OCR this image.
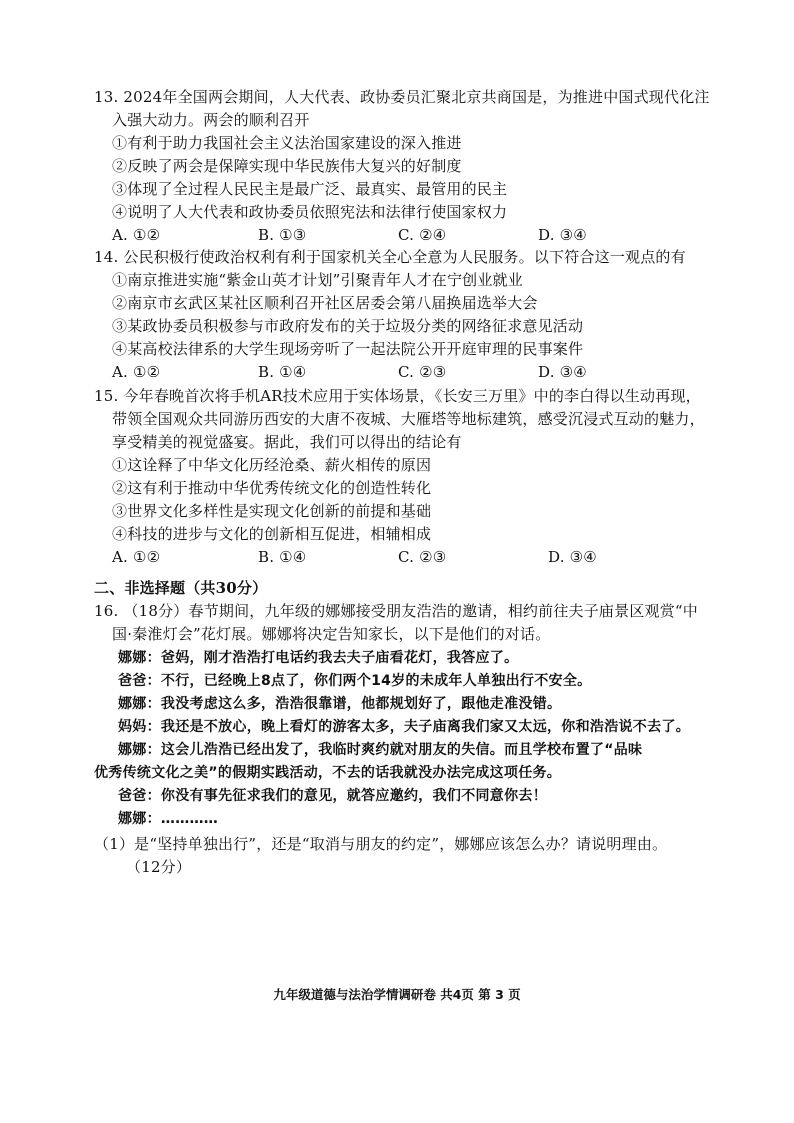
13. 2024年全国两会期间，人大代表、政协委员汇聚北京共商国是，为推进中国式现代化注
入强大动力。两会的顺利召开
①有利于助力我国社会主义法治国家建设的深入推进
②反映了两会是保障实现中华民族伟大复兴的好制度
③体现了全过程人民民主是最广泛、最真实、最管用的民主
④说明了人大代表和政协委员依照宪法和法律行使国家权力
A. ①②	B. ①③	C. ②④	D. ③④
14. 公民积极行使政治权利有利于国家机关全心全意为人民服务。以下符合这一观点的有
①南京推进实施“紫金山英才计划”引聚青年人才在宁创业就业
②南京市玄武区某社区顺利召开社区居委会第八届换届选举大会
③某政协委员积极参与市政府发布的关于垃圾分类的网络征求意见活动
④某高校法律系的大学生现场旁听了一起法院公开开庭审理的民事案件
A. ①②	B. ①④	C. ②③	D. ③④
15. 今年春晚首次将手机AR技术应用于实体场景，《长安三万里》中的李白得以生动再现，
带领全国观众共同游历西安的大唐不夜城、大雁塔等地标建筑，感受沉浸式互动的魅力，
享受精美的视觉盛宴。据此，我们可以得出的结论有
①这诠释了中华文化历经沧桑、薪火相传的原因
②这有利于推动中华优秀传统文化的创造性转化
③世界文化多样性是实现文化创新的前提和基础
④科技的进步与文化的创新相互促进，相辅相成
A. ①②	B. ①④	C. ②③	D. ③④
二、非选择题（共30分）
16. （18分）春节期间，九年级的娜娜接受朋友浩浩的邀请，相约前往夫子庙景区观赏“中
国·秦淮灯会”花灯展。娜娜将决定告知家长，以下是他们的对话。
娜娜：爸妈，刚才浩浩打电话约我去夫子庙看花灯，我答应了。
爸爸：不行，已经晚上8点了，你们两个14岁的未成年人单独出行不安全。
娜娜：我没考虑这么多，浩浩很靠谱，他都规划好了，跟他走准没错。
妈妈：我还是不放心，晚上看灯的游客太多，夫子庙离我们家又太远，你和浩浩说不去了。
娜娜：这会儿浩浩已经出发了，我临时爽约就对朋友的失信。而且学校布置了“品味
优秀传统文化之美”的假期实践活动，不去的话我就没办法完成这项任务。
爸爸：你没有事先征求我们的意见，就答应邀约，我们不同意你去！
娜娜：…………
（1）是“坚持单独出行”，还是“取消与朋友的约定”，娜娜应该怎么办？请说明理由。
（12分）
九年级道德与法治学情调研卷 共4页 第 3 页
